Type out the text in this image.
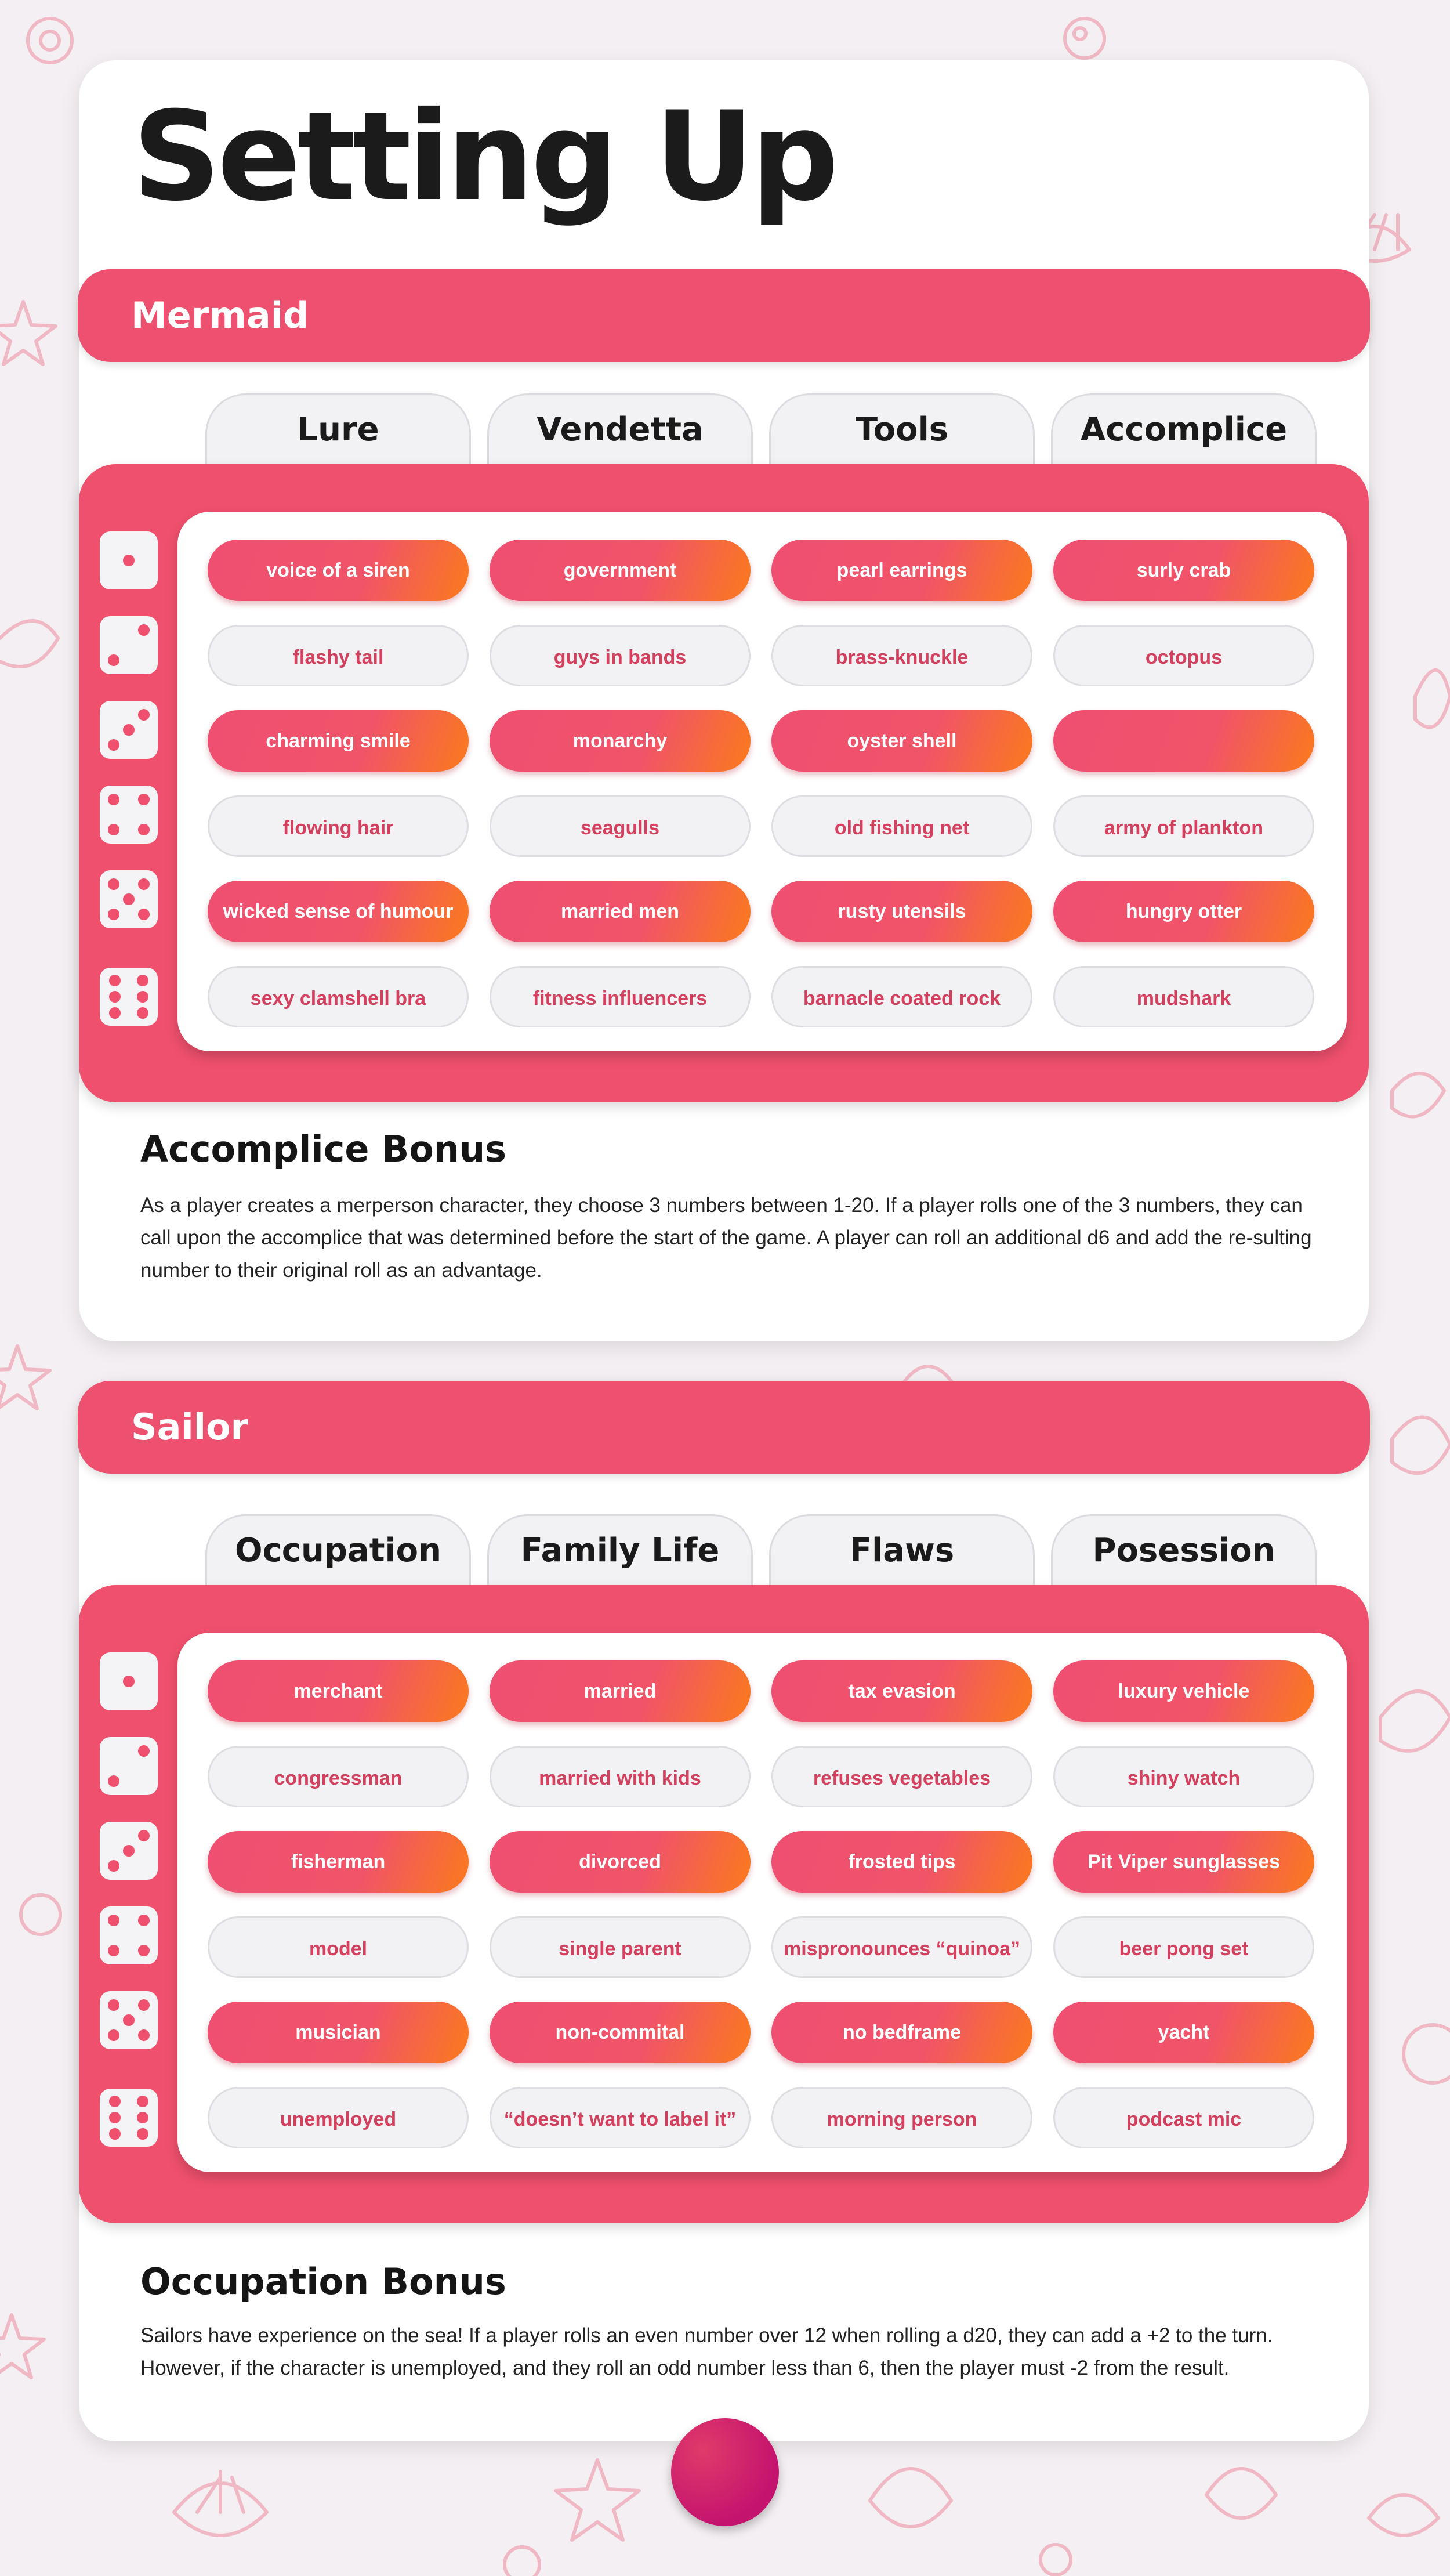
Setting Up
Mermaid
Lure	Vendetta	Tools	Accomplice
voice of a siren	government	pearl earrings	surly crab
flashy tail	guys in bands	brass-knuckle	octopus
charming smile	monarchy	oyster shell
flowing hair	seagulls	old fishing net	army of plankton
wicked sense of humour	married men	rusty utensils	hungry otter
sexy clamshell bra	fitness influencers	barnacle coated rock	mudshark
Accomplice Bonus

As a player creates a merperson character, they choose 3 numbers between 1-20. If a player rolls one of the 3 numbers, they can call upon the accomplice that was determined before the start of the game. A player can roll an additional d6 and add the re-sulting number to their original roll as an advantage.

Sailor
Occupation	Family Life	Flaws	Posession
merchant	married	tax evasion	luxury vehicle
congressman	married with kids	refuses vegetables	shiny watch
fisherman	divorced	frosted tips	Pit Viper sunglasses
model	single parent	mispronounces “quinoa”	beer pong set
musician	non-commital	no bedframe	yacht
unemployed	“doesn’t want to label it”	morning person	podcast mic
Occupation Bonus

Sailors have experience on the sea! If a player rolls an even number over 12 when rolling a d20, they can add a +2 to the turn. However, if the character is unemployed, and they roll an odd number less than 6, then the player must -2 from the result.
